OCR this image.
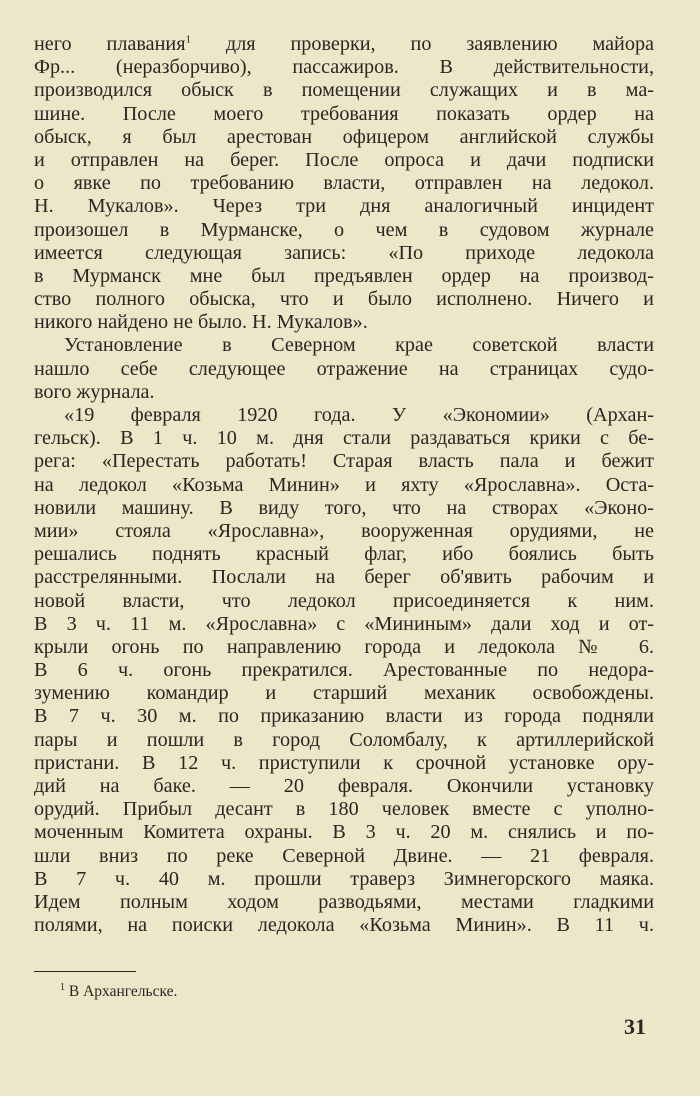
него плавания$^1$ для проверки, по заявлению майора
Фр... (неразборчиво), пассажиров. В действительности,
производился обыск в помещении служащих и в ма-
шине. После моего требования показать ордер на
обыск, я был арестован офицером английской службы
и отправлен на берег. После опроса и дачи подписки
о явке по требованию власти, отправлен на ледокол.
Н. Мукалов». Через три дня аналогичный инцидент
произошел в Мурманске, о чем в судовом журнале
имеется следующая запись: «По приходе ледокола
в Мурманск мне был предъявлен ордер на производ-
ство полного обыска, что и было исполнено. Ничего и
никого найдено не было. Н. Мукалов».
Установление в Северном крае советской власти
нашло себе следующее отражение на страницах судо-
вого журнала.
«19 февраля 1920 года. У «Экономии» (Архан-
гельск). В 1 ч. 10 м. дня стали раздаваться крики с бе-
рега: «Перестать работать! Старая власть пала и бежит
на ледокол «Козьма Минин» и яхту «Ярославна». Оста-
новили машину. В виду того, что на створах «Эконо-
мии» стояла «Ярославна», вооруженная орудиями, не
решались поднять красный флаг, ибо боялись быть
расстрелянными. Послали на берег об'явить рабочим и
новой власти, что ледокол присоединяется к ним.
В 3 ч. 11 м. «Ярославна» с «Мининым» дали ход и от-
крыли огонь по направлению города и ледокола № 6.
В 6 ч. огонь прекратился. Арестованные по недора-
зумению командир и старший механик освобождены.
В 7 ч. 30 м. по приказанию власти из города подняли
пары и пошли в город Соломбалу, к артиллерийской
пристани. В 12 ч. приступили к срочной установке ору-
дий на баке. — 20 февраля. Окончили установку
орудий. Прибыл десант в 180 человек вместе с уполно-
моченным Комитета охраны. В 3 ч. 20 м. снялись и по-
шли вниз по реке Северной Двине. — 21 февраля.
В 7 ч. 40 м. прошли траверз Зимнегорского маяка.
Идем полным ходом разводьями, местами гладкими
полями, на поиски ледокола «Козьма Минин». В 11 ч.
$^1$ В Архангельске.
31
